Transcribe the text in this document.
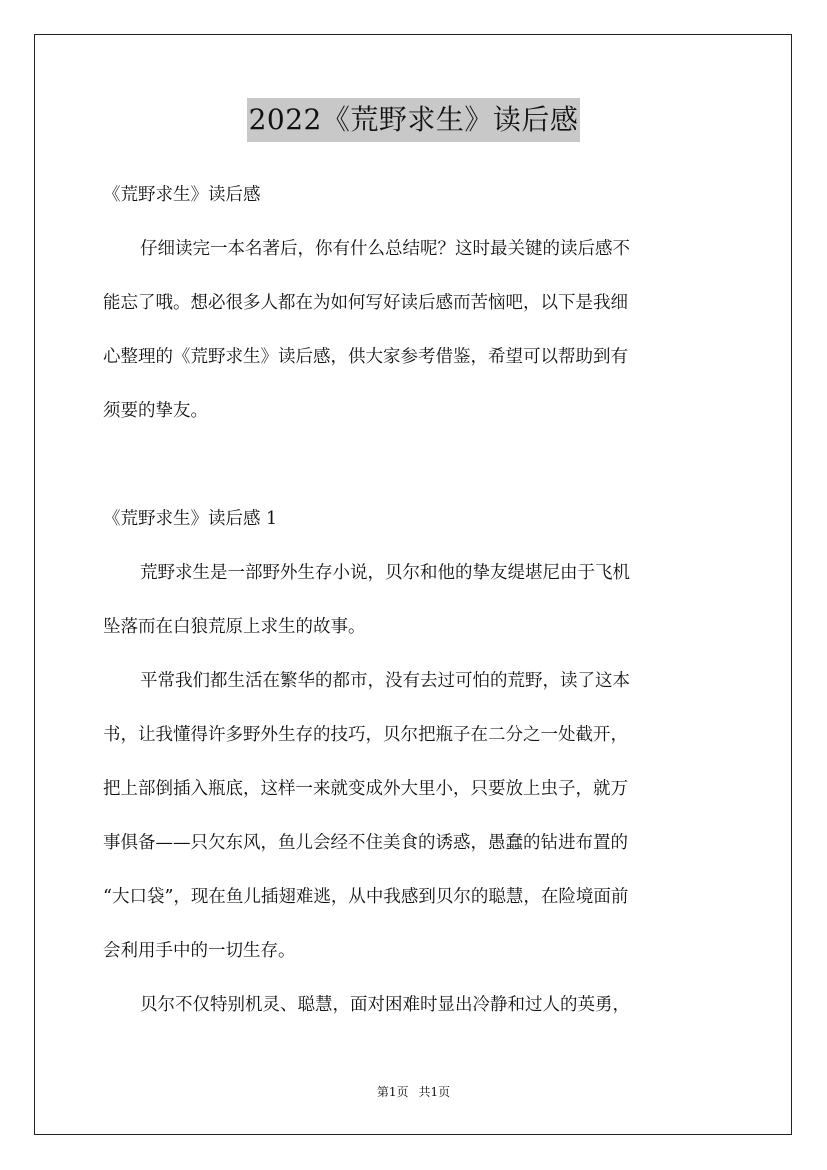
2022《荒野求生》读后感
《荒野求生》读后感
仔细读完一本名著后，你有什么总结呢？这时最关键的读后感不
能忘了哦。想必很多人都在为如何写好读后感而苦恼吧，以下是我细
心整理的《荒野求生》读后感，供大家参考借鉴，希望可以帮助到有
须要的挚友。
《荒野求生》读后感 1
荒野求生是一部野外生存小说，贝尔和他的挚友缇堪尼由于飞机
坠落而在白狼荒原上求生的故事。
平常我们都生活在繁华的都市，没有去过可怕的荒野，读了这本
书，让我懂得许多野外生存的技巧，贝尔把瓶子在二分之一处截开，
把上部倒插入瓶底，这样一来就变成外大里小，只要放上虫子，就万
事俱备——只欠东风，鱼儿会经不住美食的诱惑，愚蠢的钻进布置的
“大口袋”，现在鱼儿插翅难逃，从中我感到贝尔的聪慧，在险境面前
会利用手中的一切生存。
贝尔不仅特别机灵、聪慧，面对困难时显出冷静和过人的英勇，
第1页 共1页
